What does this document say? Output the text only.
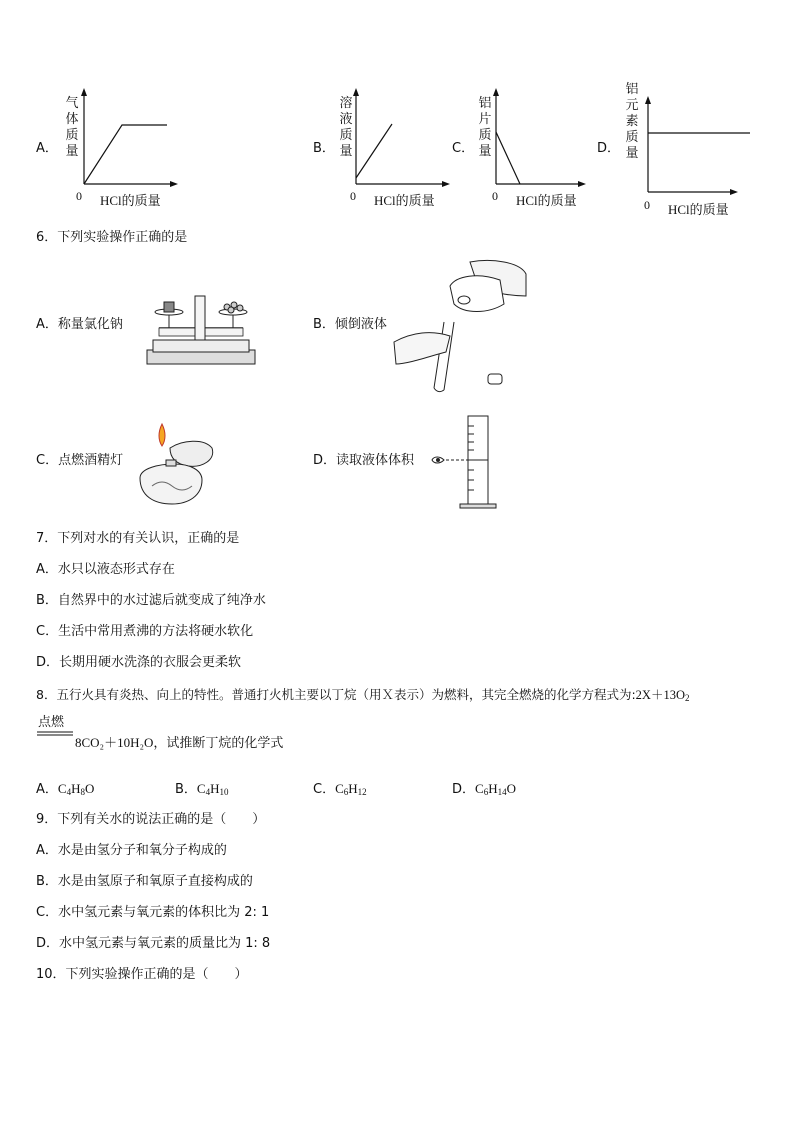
A．
气体质量
0 HCl的质量
B．
溶液质量
0 HCl的质量
C．
铝片质量
0 HCl的质量
D．
铝元素质量
0 HCl的质量
6．下列实验操作正确的是
A．称量氯化钠	B．倾倒液体
C．点燃酒精灯	D．读取液体体积
7．下列对水的有关认识，正确的是
A．水只以液态形式存在
B．自然界中的水过滤后就变成了纯净水
C．生活中常用煮沸的方法将硬水软化
D．长期用硬水洗涤的衣服会更柔软
8．五行火具有炎热、向上的特性。普通打火机主要以丁烷（用Ｘ表示）为燃料，其完全燃烧的化学方程式为$:2X+13O_2$
点燃
8CO₂＋10H₂O，试推断丁烷的化学式
A．$C_4H_8O$	B．$C_4H_{10}$	C．$C_6H_{12}$	D．$C_6H_{14}O$
9．下列有关水的说法正确的是（　　）
A．水是由氢分子和氧分子构成的
B．水是由氢原子和氧原子直接构成的
C．水中氢元素与氧元素的体积比为 2: 1
D．水中氢元素与氧元素的质量比为 1: 8
10．下列实验操作正确的是（　　）
